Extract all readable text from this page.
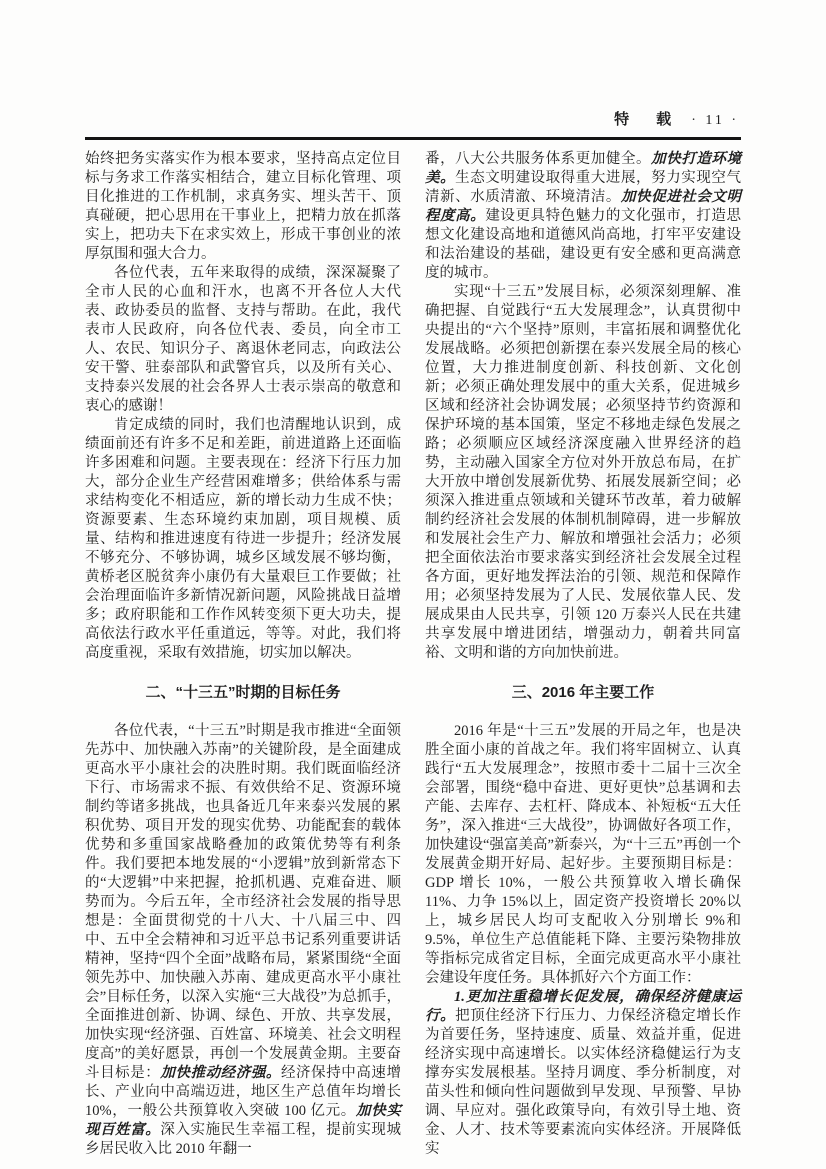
特　载 · 11 ·

始终把务实落实作为根本要求，坚持高点定位目标与务求工作落实相结合，建立目标化管理、项目化推进的工作机制，求真务实、埋头苦干、顶真碰硬，把心思用在干事业上，把精力放在抓落实上，把功夫下在求实效上，形成干事创业的浓厚氛围和强大合力。

各位代表，五年来取得的成绩，深深凝聚了全市人民的心血和汗水，也离不开各位人大代表、政协委员的监督、支持与帮助。在此，我代表市人民政府，向各位代表、委员，向全市工人、农民、知识分子、离退休老同志，向政法公安干警、驻泰部队和武警官兵，以及所有关心、支持泰兴发展的社会各界人士表示崇高的敬意和衷心的感谢！

肯定成绩的同时，我们也清醒地认识到，成绩面前还有许多不足和差距，前进道路上还面临许多困难和问题。主要表现在：经济下行压力加大，部分企业生产经营困难增多；供给体系与需求结构变化不相适应，新的增长动力生成不快；资源要素、生态环境约束加剧，项目规模、质量、结构和推进速度有待进一步提升；经济发展不够充分、不够协调，城乡区域发展不够均衡，黄桥老区脱贫奔小康仍有大量艰巨工作要做；社会治理面临许多新情况新问题，风险挑战日益增多；政府职能和工作作风转变须下更大功夫，提高依法行政水平任重道远，等等。对此，我们将高度重视，采取有效措施，切实加以解决。

二、“十三五”时期的目标任务

各位代表，“十三五”时期是我市推进“全面领先苏中、加快融入苏南”的关键阶段，是全面建成更高水平小康社会的决胜时期。我们既面临经济下行、市场需求不振、有效供给不足、资源环境制约等诸多挑战，也具备近几年来泰兴发展的累积优势、项目开发的现实优势、功能配套的载体优势和多重国家战略叠加的政策优势等有利条件。我们要把本地发展的“小逻辑”放到新常态下的“大逻辑”中来把握，抢抓机遇、克难奋进、顺势而为。今后五年，全市经济社会发展的指导思想是：全面贯彻党的十八大、十八届三中、四中、五中全会精神和习近平总书记系列重要讲话精神，坚持“四个全面”战略布局，紧紧围绕“全面领先苏中、加快融入苏南、建成更高水平小康社会”目标任务，以深入实施“三大战役”为总抓手，全面推进创新、协调、绿色、开放、共享发展，加快实现“经济强、百姓富、环境美、社会文明程度高”的美好愿景，再创一个发展黄金期。主要奋斗目标是：加快推动经济强。经济保持中高速增长、产业向中高端迈进，地区生产总值年均增长 10%，一般公共预算收入突破 100 亿元。加快实现百姓富。深入实施民生幸福工程，提前实现城乡居民收入比 2010 年翻一

番，八大公共服务体系更加健全。加快打造环境美。生态文明建设取得重大进展，努力实现空气清新、水质清澈、环境清洁。加快促进社会文明程度高。建设更具特色魅力的文化强市，打造思想文化建设高地和道德风尚高地，打牢平安建设和法治建设的基础，建设更有安全感和更高满意度的城市。

实现“十三五”发展目标，必须深刻理解、准确把握、自觉践行“五大发展理念”，认真贯彻中央提出的“六个坚持”原则，丰富拓展和调整优化发展战略。必须把创新摆在泰兴发展全局的核心位置，大力推进制度创新、科技创新、文化创新；必须正确处理发展中的重大关系，促进城乡区域和经济社会协调发展；必须坚持节约资源和保护环境的基本国策，坚定不移地走绿色发展之路；必须顺应区域经济深度融入世界经济的趋势，主动融入国家全方位对外开放总布局，在扩大开放中增创发展新优势、拓展发展新空间；必须深入推进重点领域和关键环节改革，着力破解制约经济社会发展的体制机制障碍，进一步解放和发展社会生产力、解放和增强社会活力；必须把全面依法治市要求落实到经济社会发展全过程各方面，更好地发挥法治的引领、规范和保障作用；必须坚持发展为了人民、发展依靠人民、发展成果由人民共享，引领 120 万泰兴人民在共建共享发展中增进团结，增强动力，朝着共同富裕、文明和谐的方向加快前进。

三、2016 年主要工作

2016 年是“十三五”发展的开局之年，也是决胜全面小康的首战之年。我们将牢固树立、认真践行“五大发展理念”，按照市委十二届十三次全会部署，围绕“稳中奋进、更好更快”总基调和去产能、去库存、去杠杆、降成本、补短板“五大任务”，深入推进“三大战役”，协调做好各项工作，加快建设“强富美高”新泰兴，为“十三五”再创一个发展黄金期开好局、起好步。主要预期目标是：GDP 增长 10%，一般公共预算收入增长确保 11%、力争 15%以上，固定资产投资增长 20%以上，城乡居民人均可支配收入分别增长 9%和 9.5%，单位生产总值能耗下降、主要污染物排放等指标完成省定目标，全面完成更高水平小康社会建设年度任务。具体抓好六个方面工作：

1.更加注重稳增长促发展，确保经济健康运行。把顶住经济下行压力、力保经济稳定增长作为首要任务，坚持速度、质量、效益并重，促进经济实现中高速增长。以实体经济稳健运行为支撑夯实发展根基。坚持月调度、季分析制度，对苗头性和倾向性问题做到早发现、早预警、早协调、早应对。强化政策导向，有效引导土地、资金、人才、技术等要素流向实体经济。开展降低实
